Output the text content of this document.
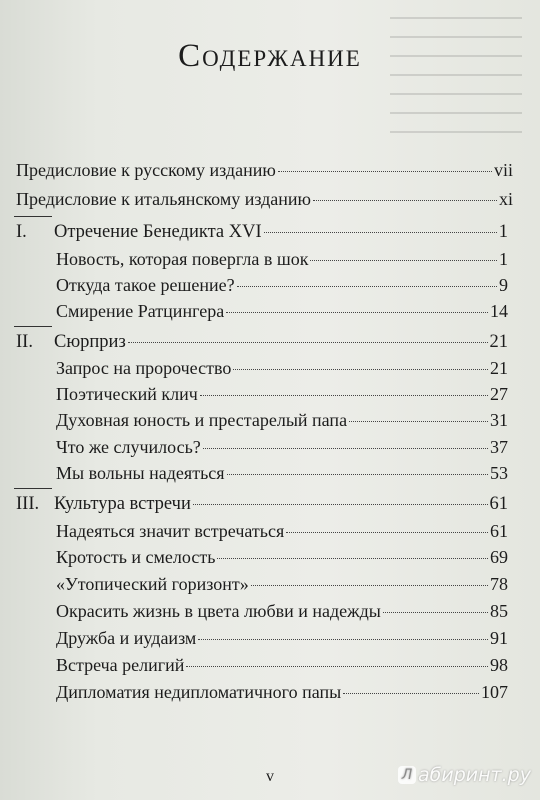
Содержание
Предисловие к русскому изданию	vii
Предисловие к итальянскому изданию	xi
I.	Отречение Бенедикта XVI	1
Новость, которая повергла в шок	1
Откуда такое решение?	9
Смирение Ратцингера	14
II.	Сюрприз	21
Запрос на пророчество	21
Поэтический клич	27
Духовная юность и престарелый папа	31
Что же случилось?	37
Мы вольны надеяться	53
III. Культура встречи	61
Надеяться значит встречаться	61
Кротость и смелость	69
«Утопический горизонт»	78
Окрасить жизнь в цвета любви и надежды	85
Дружба и иудаизм	91
Встреча религий	98
Дипломатия недипломатичного папы	107
v	Л абиринт.ру
